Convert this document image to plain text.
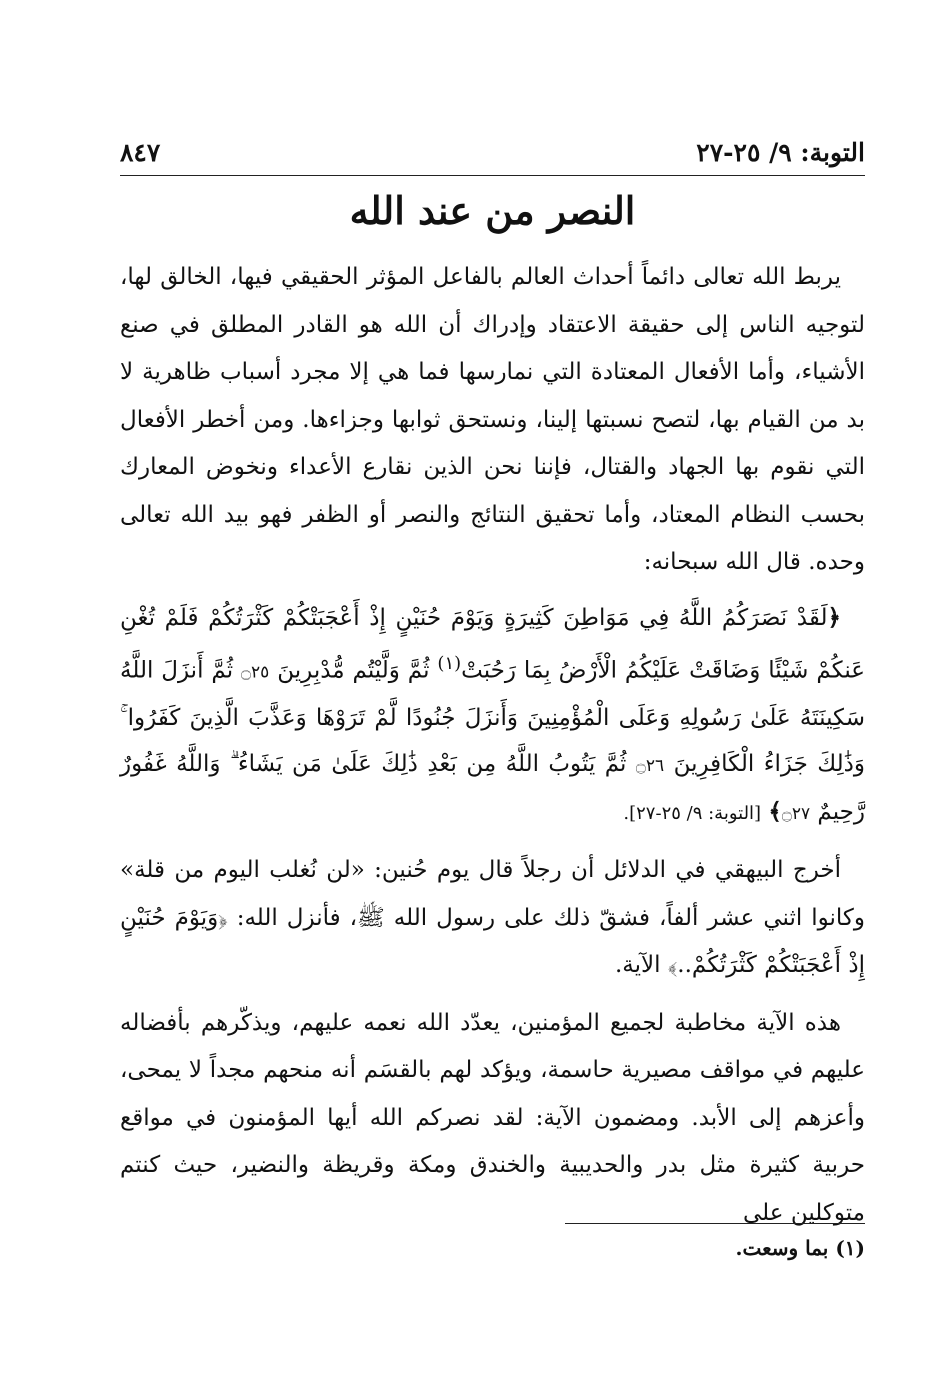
التوبة: ٩/ ٢٥-٢٧
٨٤٧
النصر من عند الله

يربط الله تعالى دائماً أحداث العالم بالفاعل المؤثر الحقيقي فيها، الخالق لها، لتوجيه الناس إلى حقيقة الاعتقاد وإدراك أن الله هو القادر المطلق في صنع الأشياء، وأما الأفعال المعتادة التي نمارسها فما هي إلا مجرد أسباب ظاهرية لا بد من القيام بها، لتصح نسبتها إلينا، ونستحق ثوابها وجزاءها. ومن أخطر الأفعال التي نقوم بها الجهاد والقتال، فإننا نحن الذين نقارع الأعداء ونخوض المعارك بحسب النظام المعتاد، وأما تحقيق النتائج والنصر أو الظفر فهو بيد الله تعالى وحده. قال الله سبحانه:

﴿لَقَدْ نَصَرَكُمُ اللَّهُ فِي مَوَاطِنَ كَثِيرَةٍ وَيَوْمَ حُنَيْنٍ إِذْ أَعْجَبَتْكُمْ كَثْرَتُكُمْ فَلَمْ تُغْنِ عَنكُمْ شَيْئًا وَضَاقَتْ عَلَيْكُمُ الْأَرْضُ بِمَا رَحُبَتْ$^{(١)}$ ثُمَّ وَلَّيْتُم مُّدْبِرِينَ ۝٢٥ ثُمَّ أَنزَلَ اللَّهُ سَكِينَتَهُ عَلَىٰ رَسُولِهِ وَعَلَى الْمُؤْمِنِينَ وَأَنزَلَ جُنُودًا لَّمْ تَرَوْهَا وَعَذَّبَ الَّذِينَ كَفَرُوا ۚ وَذَٰلِكَ جَزَاءُ الْكَافِرِينَ ۝٢٦ ثُمَّ يَتُوبُ اللَّهُ مِن بَعْدِ ذَٰلِكَ عَلَىٰ مَن يَشَاءُ ۗ وَاللَّهُ غَفُورٌ رَّحِيمٌ ۝٢٧﴾ [التوبة: ٩/ ٢٥-٢٧].

أخرج البيهقي في الدلائل أن رجلاً قال يوم حُنين: «لن نُغلب اليوم من قلة» وكانوا اثني عشر ألفاً، فشقّ ذلك على رسول الله ﷺ، فأنزل الله: ﴿وَيَوْمَ حُنَيْنٍ إِذْ أَعْجَبَتْكُمْ كَثْرَتُكُمْ..﴾ الآية.

هذه الآية مخاطبة لجميع المؤمنين، يعدّد الله نعمه عليهم، ويذكّرهم بأفضاله عليهم في مواقف مصيرية حاسمة، ويؤكد لهم بالقسَم أنه منحهم مجداً لا يمحى، وأعزهم إلى الأبد. ومضمون الآية: لقد نصركم الله أيها المؤمنون في مواقع حربية كثيرة مثل بدر والحديبية والخندق ومكة وقريظة والنضير، حيث كنتم متوكلين على

(١) بما وسعت.
